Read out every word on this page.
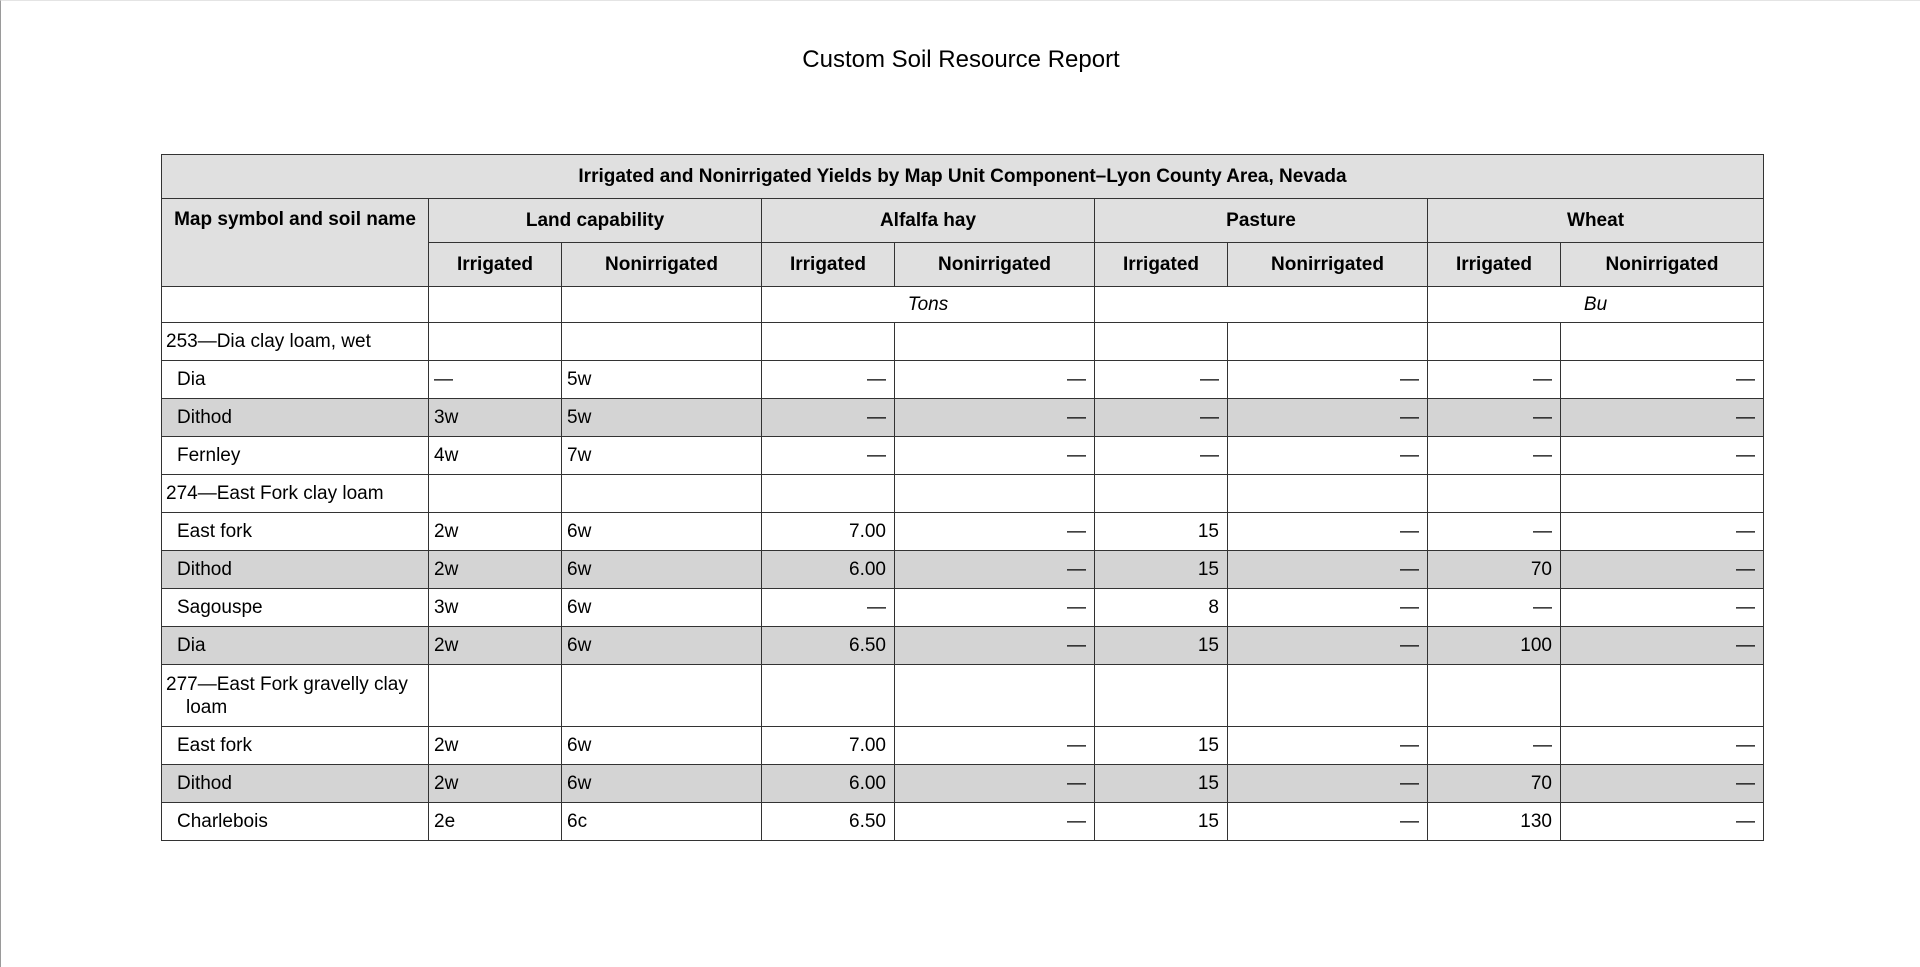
Custom Soil Resource Report
Irrigated and Nonirrigated Yields by Map Unit Component–Lyon County Area, Nevada								
Map symbol and soil name	Land capability		Alfalfa hay		Pasture		Wheat	
	Irrigated	Nonirrigated	Irrigated	Nonirrigated	Irrigated	Nonirrigated	Irrigated	Nonirrigated
			Tons				Bu	

253—Dia clay loam, wet								

Dia	—	5w	—	—	—	—	—	—
Dithod	3w	5w	—	—	—	—	—	—
Fernley	4w	7w	—	—	—	—	—	—

274—East Fork clay loam								

East fork	2w	6w	7.00	—	15	—	—	—
Dithod	2w	6w	6.00	—	15	—	70	—
Sagouspe	3w	6w	—	—	8	—	—	—
Dia	2w	6w	6.50	—	15	—	100	—

277—East Fork gravelly clay loam								

East fork	2w	6w	7.00	—	15	—	—	—
Dithod	2w	6w	6.00	—	15	—	70	—
Charlebois	2e	6c	6.50	—	15	—	130	—
